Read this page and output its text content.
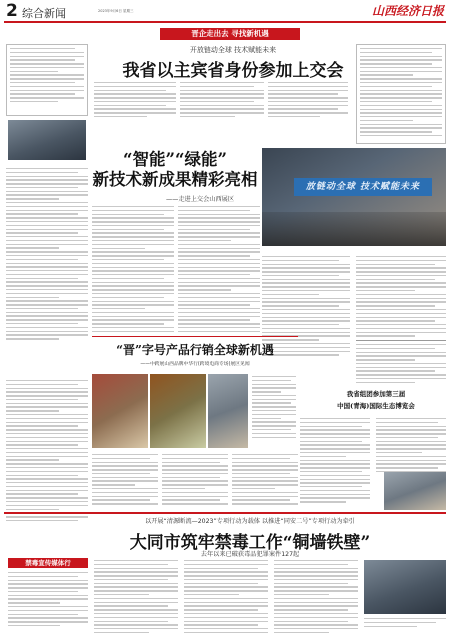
2 综合新闻	2023年9月6日 星期三	山西经济日报
晋企走出去 寻找新机遇

开放链动全球 技术赋能未来
我省以主宾省身份参加上交会
“智能”“绿能”
新技术新成果精彩亮相
——走进上交会山西展区
放链动全球 技术赋能未来

我省组团参加第三届
中国(青海)国际生态博览会
“晋”字号产品行销全球新机遇
——中跨展山西品牌中华行(跨境电商专场)展区见闻
以开展“清源断流—2023”专项行动为载体 以推进“同安二号”专项行动为牵引
大同市筑牢禁毒工作“铜墙铁壁”
去年以来已破获毒品犯罪案件127起
禁毒宣传媒体行
